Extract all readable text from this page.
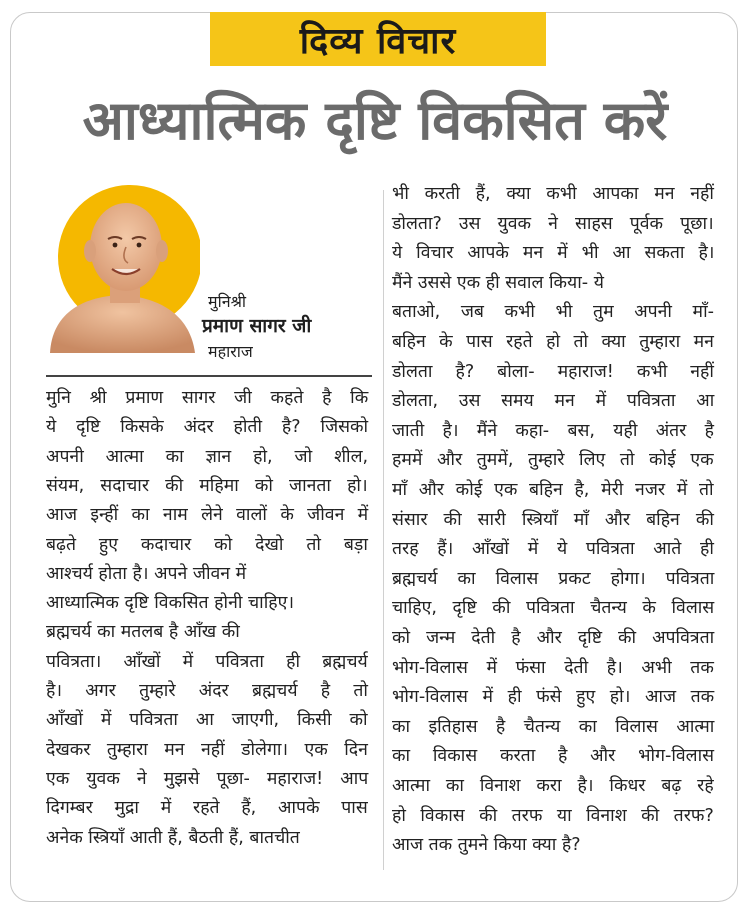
दिव्य विचार
आध्यात्मिक दृष्टि विकसित करें
मुनिश्री
प्रमाण सागर जी
महाराज
मुनि श्री प्रमाण सागर जी कहते है कि
ये दृष्टि किसके अंदर होती है? जिसको
अपनी आत्मा का ज्ञान हो, जो शील,
संयम, सदाचार की महिमा को जानता हो।
आज इन्हीं का नाम लेने वालों के जीवन में
बढ़ते हुए कदाचार को देखो तो बड़ा
आश्चर्य होता है। अपने जीवन में
आध्यात्मिक दृष्टि विकसित होनी चाहिए।
ब्रह्मचर्य का मतलब है आँख की
पवित्रता। आँखों में पवित्रता ही ब्रह्मचर्य
है। अगर तुम्हारे अंदर ब्रह्मचर्य है तो
आँखों में पवित्रता आ जाएगी, किसी को
देखकर तुम्हारा मन नहीं डोलेगा। एक दिन
एक युवक ने मुझसे पूछा- महाराज! आप
दिगम्बर मुद्रा में रहते हैं, आपके पास
अनेक स्त्रियाँ आती हैं, बैठती हैं, बातचीत
भी करती हैं, क्या कभी आपका मन नहीं
डोलता? उस युवक ने साहस पूर्वक पूछा।
ये विचार आपके मन में भी आ सकता है।
मैंने उससे एक ही सवाल किया- ये
बताओ, जब कभी भी तुम अपनी माँ-
बहिन के पास रहते हो तो क्या तुम्हारा मन
डोलता है? बोला- महाराज! कभी नहीं
डोलता, उस समय मन में पवित्रता आ
जाती है। मैंने कहा- बस, यही अंतर है
हममें और तुममें, तुम्हारे लिए तो कोई एक
माँ और कोई एक बहिन है, मेरी नजर में तो
संसार की सारी स्त्रियाँ माँ और बहिन की
तरह हैं। आँखों में ये पवित्रता आते ही
ब्रह्मचर्य का विलास प्रकट होगा। पवित्रता
चाहिए, दृष्टि की पवित्रता चैतन्य के विलास
को जन्म देती है और दृष्टि की अपवित्रता
भोग-विलास में फंसा देती है। अभी तक
भोग-विलास में ही फंसे हुए हो। आज तक
का इतिहास है चैतन्य का विलास आत्मा
का विकास करता है और भोग-विलास
आत्मा का विनाश करा है। किधर बढ़ रहे
हो विकास की तरफ या विनाश की तरफ?
आज तक तुमने किया क्या है?
